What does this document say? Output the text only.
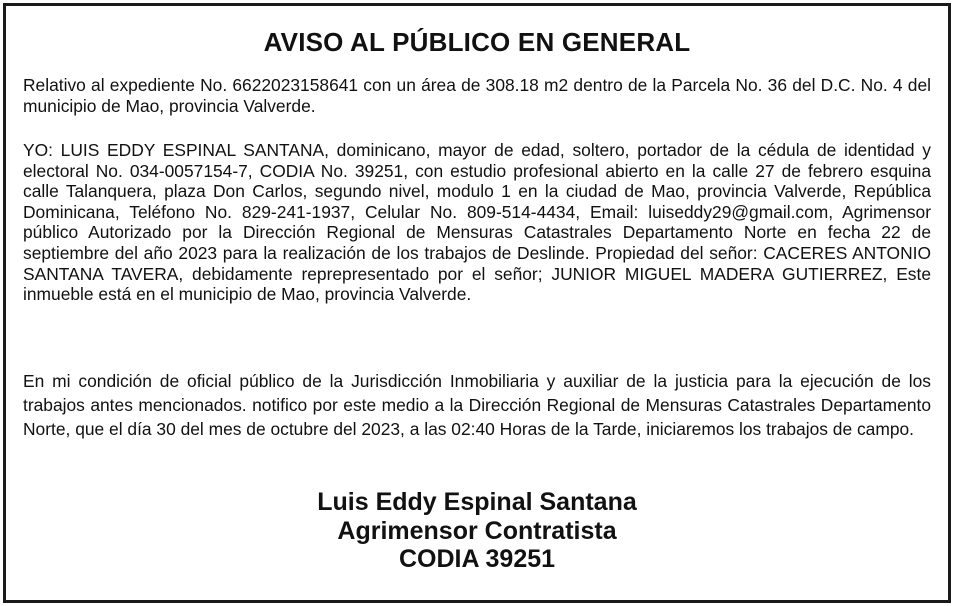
AVISO AL PÚBLICO EN GENERAL

Relativo al expediente No. 6622023158641 con un área de 308.18 m2 dentro de la Parcela No. 36 del D.C. No. 4 del municipio de Mao, provincia Valverde.

YO: LUIS EDDY ESPINAL SANTANA, dominicano, mayor de edad, soltero, portador de la cédula de identidad y electoral No. 034-0057154-7, CODIA No. 39251, con estudio profesional abierto en la calle 27 de febrero esquina calle Talanquera, plaza Don Carlos, segundo nivel, modulo 1 en la ciudad de Mao, provincia Valverde, República Dominicana, Teléfono No. 829-241-1937, Celular No. 809-514-4434, Email: luiseddy29@gmail.com, Agrimensor público Autorizado por la Dirección Regional de Mensuras Catastrales Departamento Norte en fecha 22 de septiembre del año 2023 para la realización de los trabajos de Deslinde. Propiedad del señor: CACERES ANTONIO SANTANA TAVERA, debidamente reprepresentado por el señor; JUNIOR MIGUEL MADERA GUTIERREZ, Este inmueble está en el municipio de Mao, provincia Valverde.

En mi condición de oficial público de la Jurisdicción Inmobiliaria y auxiliar de la justicia para la ejecución de los trabajos antes mencionados. notifico por este medio a la Dirección Regional de Mensuras Catastrales Departamento Norte, que el día 30 del mes de octubre del 2023, a las 02:40 Horas de la Tarde, iniciaremos los trabajos de campo.

Luis Eddy Espinal Santana
Agrimensor Contratista
CODIA 39251
